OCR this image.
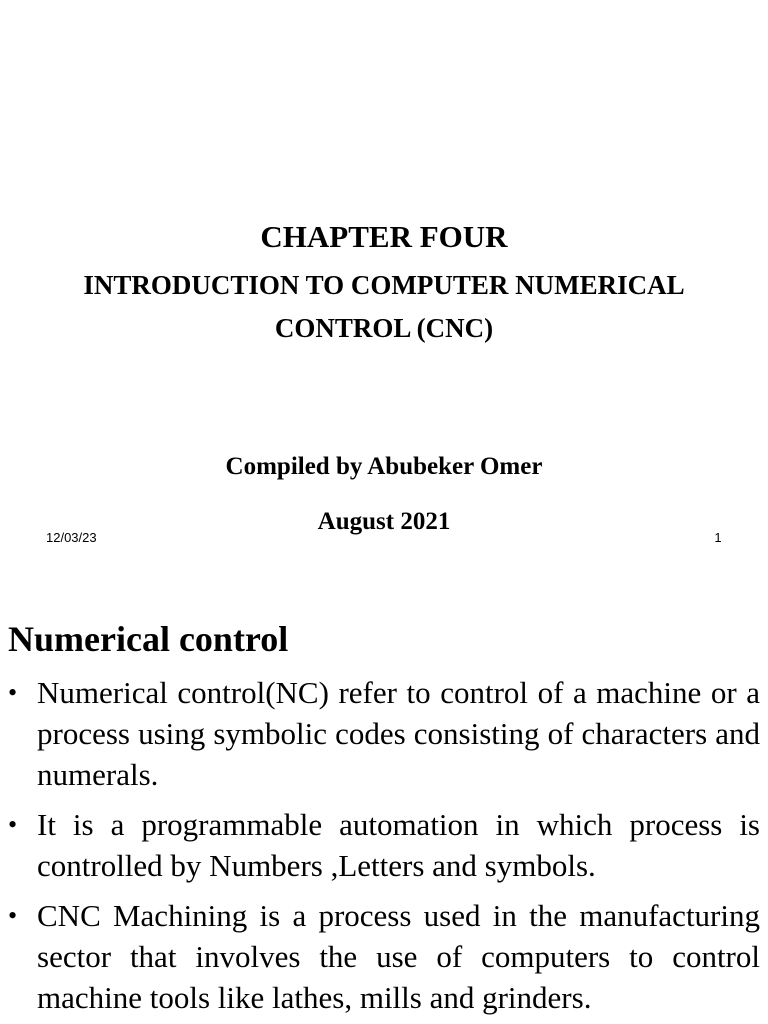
CHAPTER FOUR
INTRODUCTION TO COMPUTER NUMERICAL CONTROL (CNC)
Compiled by Abubeker Omer
August 2021
12/03/23	1
Numerical control
• Numerical control(NC) refer to control of a machine or a process using symbolic codes consisting of characters and numerals.
• It is a programmable automation in which process is controlled by Numbers ,Letters and symbols.
• CNC Machining is a process used in the manufacturing sector that involves the use of computers to control machine tools like lathes, mills and grinders.
